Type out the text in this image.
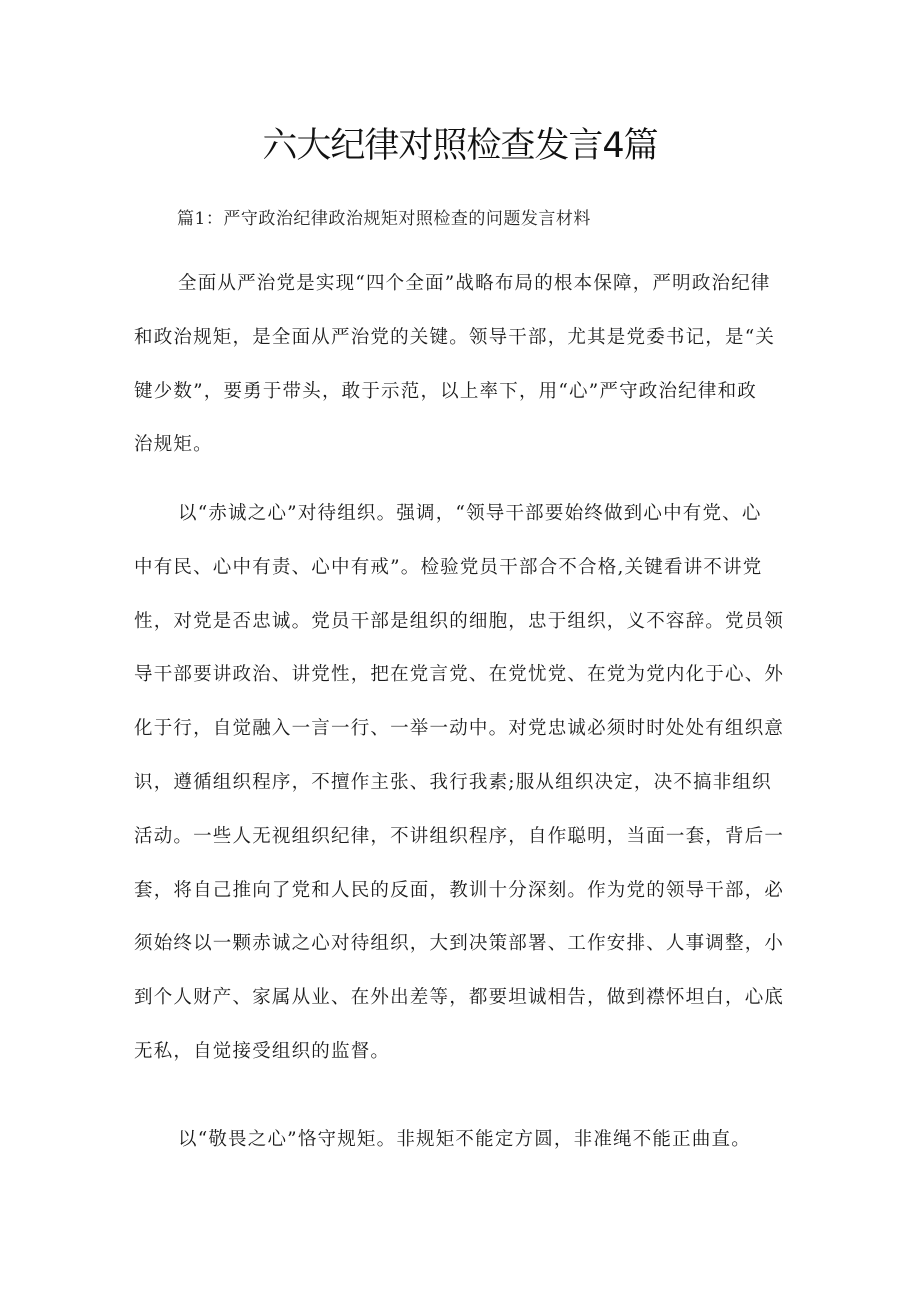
六大纪律对照检查发言4篇
篇1：严守政治纪律政治规矩对照检查的问题发言材料
全面从严治党是实现“四个全面”战略布局的根本保障，严明政治纪律
和政治规矩，是全面从严治党的关键。领导干部，尤其是党委书记，是“关
键少数”，要勇于带头，敢于示范，以上率下，用“心”严守政治纪律和政
治规矩。
以“赤诚之心”对待组织。强调，“领导干部要始终做到心中有党、心
中有民、心中有责、心中有戒”。检验党员干部合不合格,关键看讲不讲党
性，对党是否忠诚。党员干部是组织的细胞，忠于组织，义不容辞。党员领
导干部要讲政治、讲党性，把在党言党、在党忧党、在党为党内化于心、外
化于行，自觉融入一言一行、一举一动中。对党忠诚必须时时处处有组织意
识，遵循组织程序，不擅作主张、我行我素;服从组织决定，决不搞非组织
活动。一些人无视组织纪律，不讲组织程序，自作聪明，当面一套，背后一
套，将自己推向了党和人民的反面，教训十分深刻。作为党的领导干部，必
须始终以一颗赤诚之心对待组织，大到决策部署、工作安排、人事调整，小
到个人财产、家属从业、在外出差等，都要坦诚相告，做到襟怀坦白，心底
无私，自觉接受组织的监督。
以“敬畏之心”恪守规矩。非规矩不能定方圆，非准绳不能正曲直。
